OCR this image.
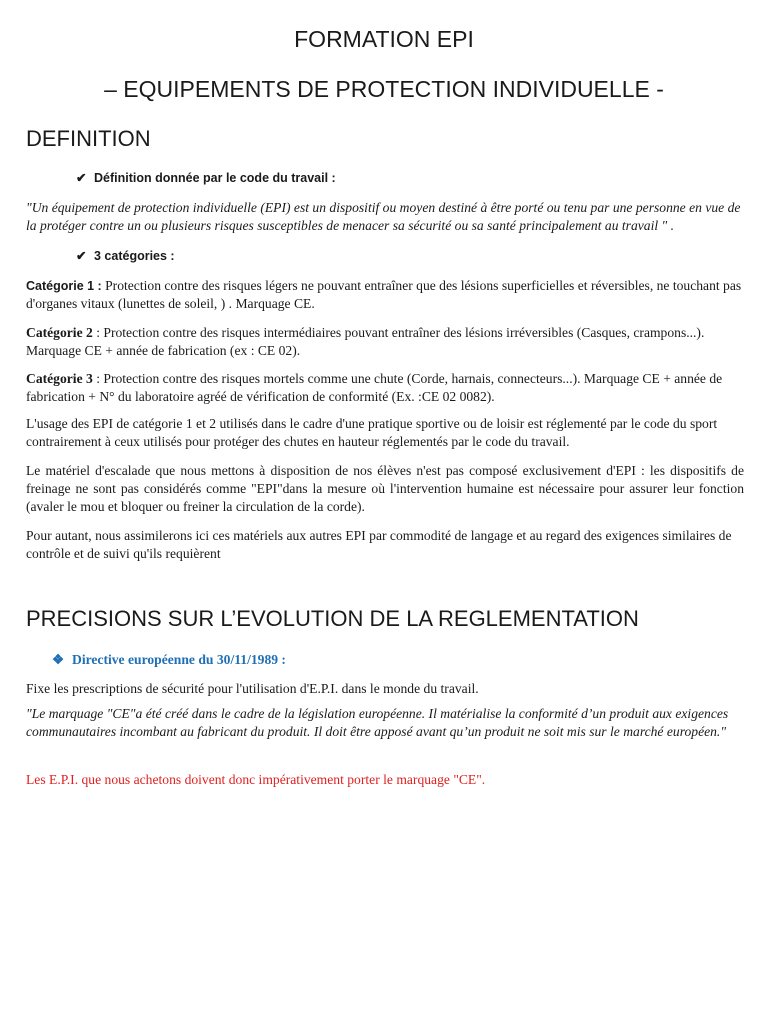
FORMATION EPI
– EQUIPEMENTS DE PROTECTION INDIVIDUELLE -
DEFINITION
✔ Définition donnée par le code du travail :
"Un équipement de protection individuelle (EPI) est un dispositif ou moyen destiné à être porté ou tenu par une personne en vue de la protéger contre un ou plusieurs risques susceptibles de menacer sa sécurité ou sa santé principalement au travail " .
✔ 3 catégories :
Catégorie 1 : Protection contre des risques légers ne pouvant entraîner que des lésions superficielles et réversibles, ne touchant pas d'organes vitaux (lunettes de soleil, ) . Marquage CE.
Catégorie 2 : Protection contre des risques intermédiaires pouvant entraîner des lésions irréversibles (Casques, crampons...). Marquage CE + année de fabrication (ex : CE 02).
Catégorie 3 : Protection contre des risques mortels comme une chute (Corde, harnais, connecteurs...). Marquage CE + année de fabrication + N° du laboratoire agréé de vérification de conformité (Ex. :CE 02 0082).
L'usage des EPI de catégorie 1 et 2 utilisés dans le cadre d'une pratique sportive ou de loisir est réglementé par le code du sport contrairement à ceux utilisés pour protéger des chutes en hauteur réglementés par le code du travail.
Le matériel d'escalade que nous mettons à disposition de nos élèves n'est pas composé exclusivement d'EPI : les dispositifs de freinage ne sont pas considérés comme "EPI"dans la mesure où l'intervention humaine est nécessaire pour assurer leur fonction (avaler le mou et bloquer ou freiner la circulation de la corde).
Pour autant, nous assimilerons ici ces matériels aux autres EPI par commodité de langage et au regard des exigences similaires de contrôle et de suivi qu'ils requièrent
PRECISIONS SUR L’EVOLUTION DE LA REGLEMENTATION
❖ Directive européenne du 30/11/1989 :
Fixe les prescriptions de sécurité pour l'utilisation d'E.P.I. dans le monde du travail.
"Le marquage "CE"a été créé dans le cadre de la législation européenne. Il matérialise la conformité d’un produit aux exigences communautaires incombant au fabricant du produit. Il doit être apposé avant qu’un produit ne soit mis sur le marché européen."
Les E.P.I. que nous achetons doivent donc impérativement porter le marquage "CE".
